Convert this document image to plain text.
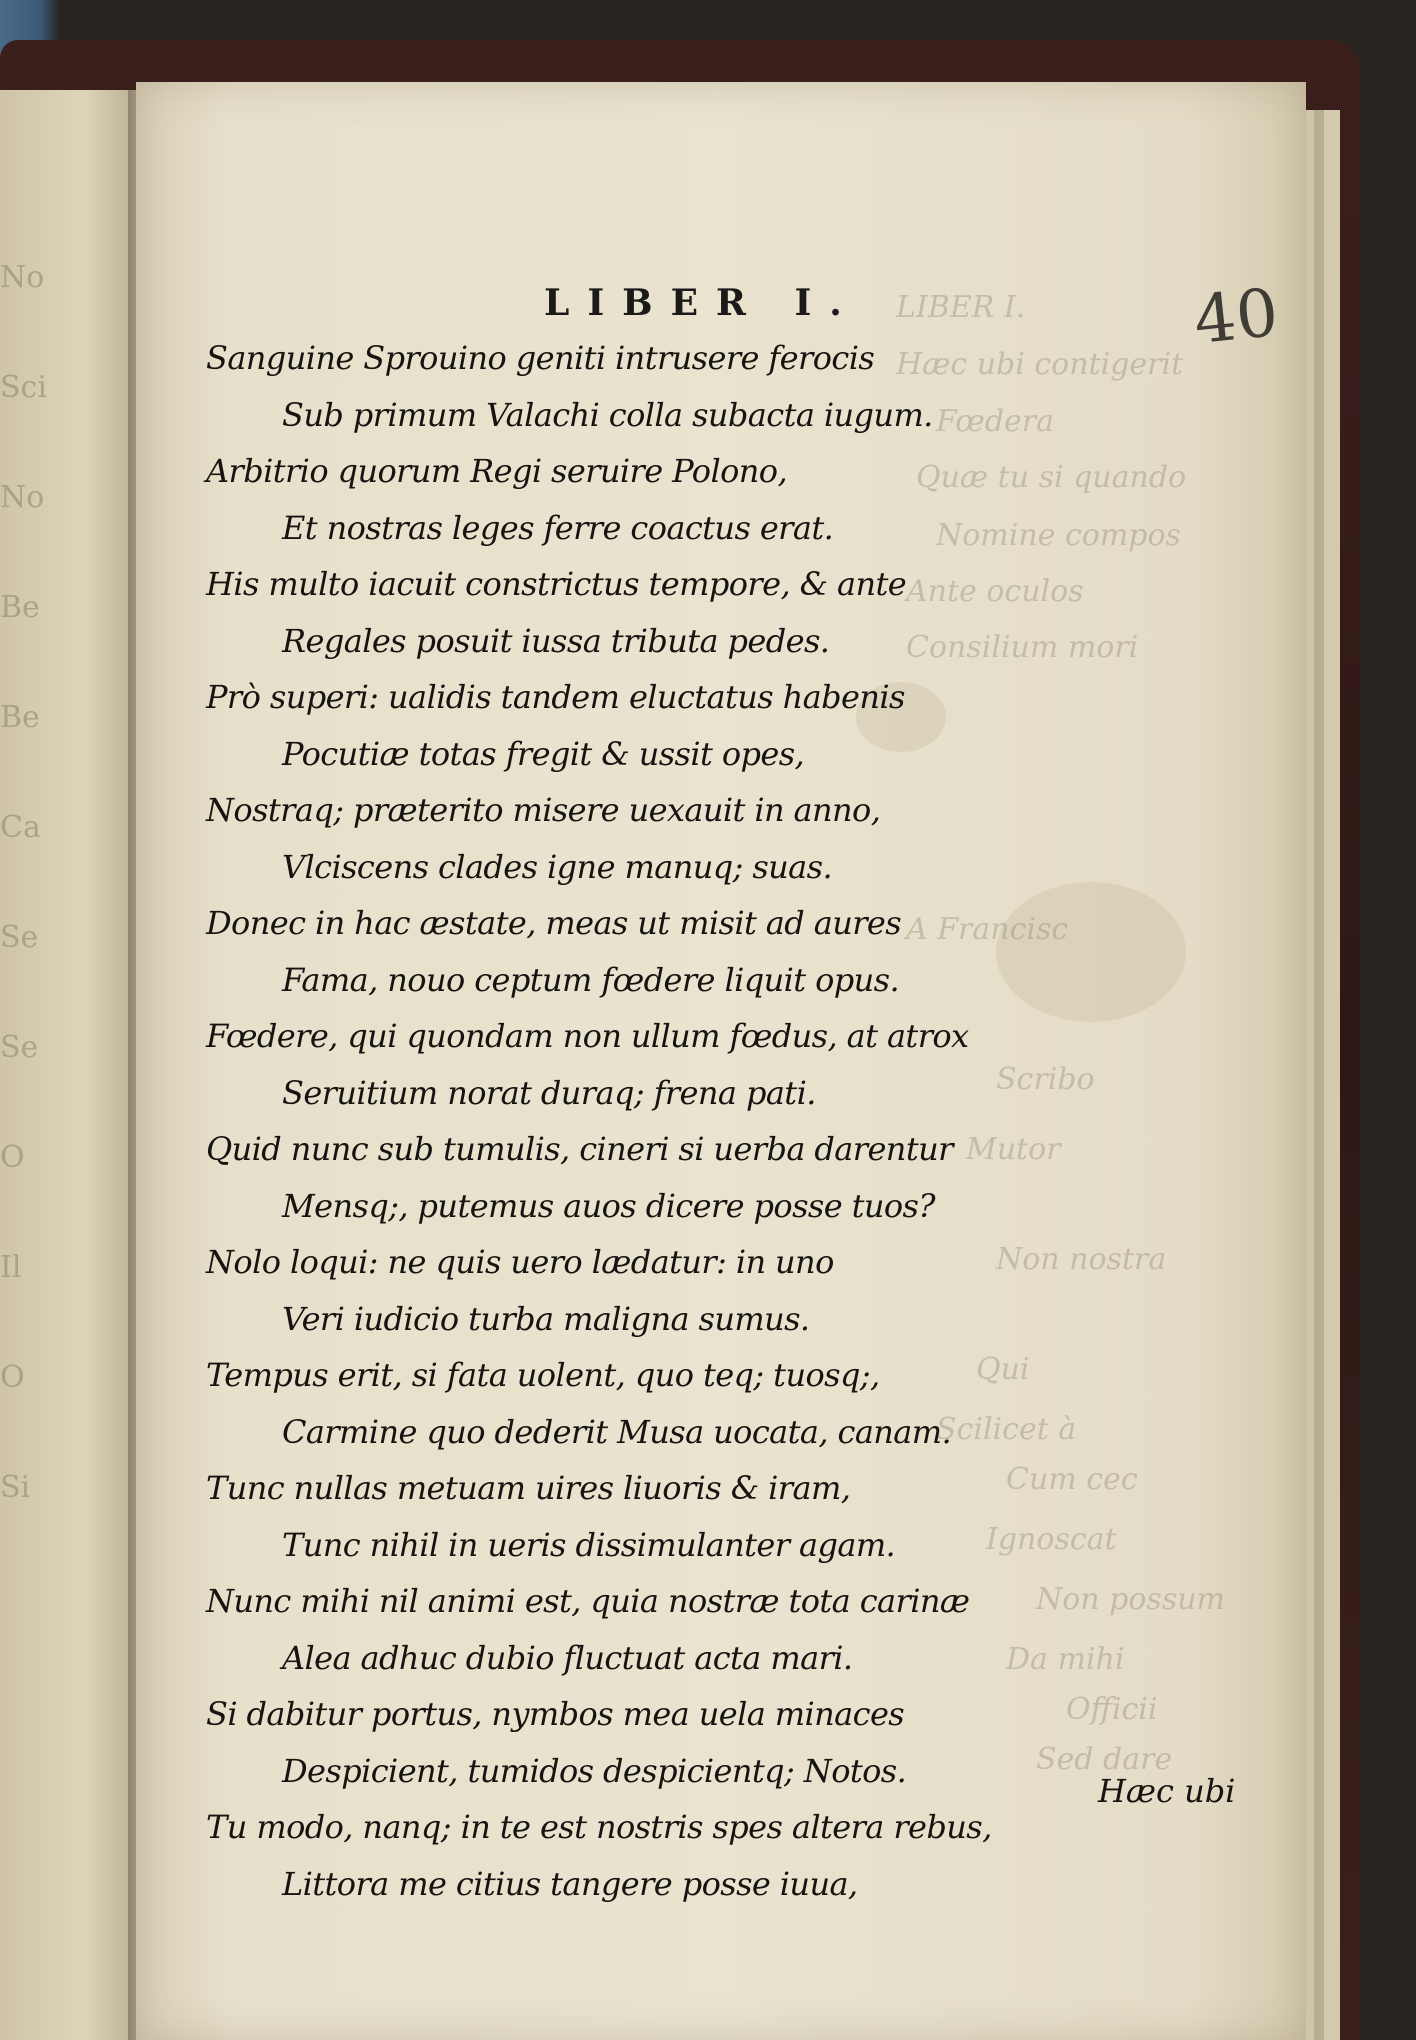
No
Sci
No
Be
Be
Ca
Se
Se
O
Il
O
Si
LIBER I.
Hæc ubi contigerit
Fœdera
Quæ tu si quando
Nomine compos
Ante oculos
Consilium mori
A Francisc
Scribo
Mutor
Non nostra
Qui
Scilicet à
Cum cec
Ignoscat
Non possum
Da mihi
Officii
Sed dare
LIBER I.	40
Sanguine Sprouino geniti intrusere ferocis
Sub primum Valachi colla subacta iugum.
Arbitrio quorum Regi seruire Polono,
Et nostras leges ferre coactus erat.
His multo iacuit constrictus tempore, & ante
Regales posuit iussa tributa pedes.
Prò superi: ualidis tandem eluctatus habenis
Pocutiæ totas fregit & ussit opes,
Nostraq; præterito misere uexauit in anno,
Vlciscens clades igne manuq; suas.
Donec in hac æstate, meas ut misit ad aures
Fama, nouo ceptum fœdere liquit opus.
Fœdere, qui quondam non ullum fœdus, at atrox
Seruitium norat duraq; frena pati.
Quid nunc sub tumulis, cineri si uerba darentur
Mensq;, putemus auos dicere posse tuos?
Nolo loqui: ne quis uero lædatur: in uno
Veri iudicio turba maligna sumus.
Tempus erit, si fata uolent, quo teq; tuosq;,
Carmine quo dederit Musa uocata, canam.
Tunc nullas metuam uires liuoris & iram,
Tunc nihil in ueris dissimulanter agam.
Nunc mihi nil animi est, quia nostræ tota carinæ
Alea adhuc dubio fluctuat acta mari.
Si dabitur portus, nymbos mea uela minaces
Despicient, tumidos despicientq; Notos.
Tu modo, nanq; in te est nostris spes altera rebus,
Littora me citius tangere posse iuua,
Hæc ubi
